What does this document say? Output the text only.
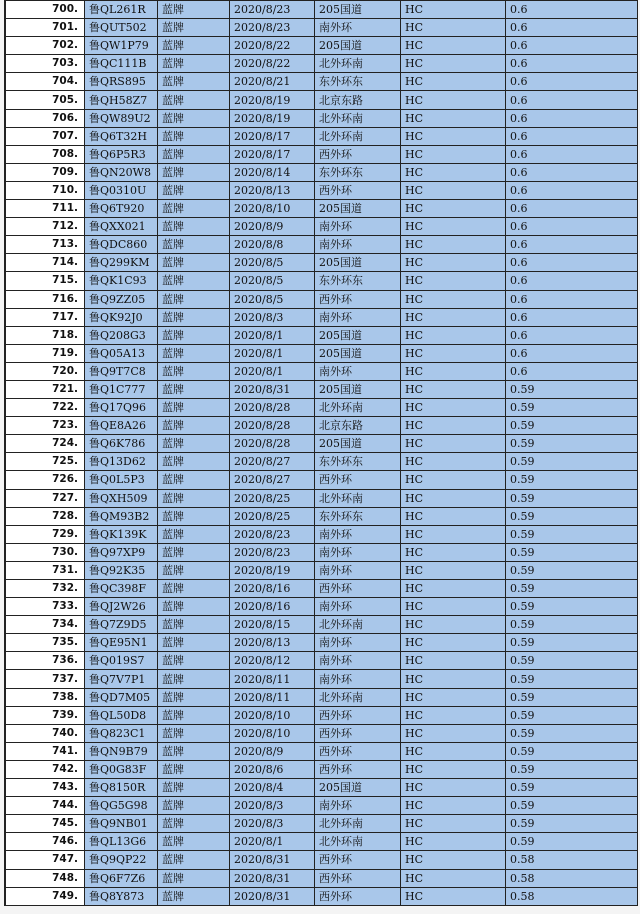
700.	鲁QL261R	蓝牌	2020/8/23	205国道	HC	0.6
701.	鲁QUT502	蓝牌	2020/8/23	南外环	HC	0.6
702.	鲁QW1P79	蓝牌	2020/8/22	205国道	HC	0.6
703.	鲁QC111B	蓝牌	2020/8/22	北外环南	HC	0.6
704.	鲁QRS895	蓝牌	2020/8/21	东外环东	HC	0.6
705.	鲁QH58Z7	蓝牌	2020/8/19	北京东路	HC	0.6
706.	鲁QW89U2	蓝牌	2020/8/19	北外环南	HC	0.6
707.	鲁Q6T32H	蓝牌	2020/8/17	北外环南	HC	0.6
708.	鲁Q6P5R3	蓝牌	2020/8/17	西外环	HC	0.6
709.	鲁QN20W8	蓝牌	2020/8/14	东外环东	HC	0.6
710.	鲁Q0310U	蓝牌	2020/8/13	西外环	HC	0.6
711.	鲁Q6T920	蓝牌	2020/8/10	205国道	HC	0.6
712.	鲁QXX021	蓝牌	2020/8/9	南外环	HC	0.6
713.	鲁QDC860	蓝牌	2020/8/8	南外环	HC	0.6
714.	鲁Q299KM	蓝牌	2020/8/5	205国道	HC	0.6
715.	鲁QK1C93	蓝牌	2020/8/5	东外环东	HC	0.6
716.	鲁Q9ZZ05	蓝牌	2020/8/5	西外环	HC	0.6
717.	鲁QK92J0	蓝牌	2020/8/3	南外环	HC	0.6
718.	鲁Q208G3	蓝牌	2020/8/1	205国道	HC	0.6
719.	鲁Q05A13	蓝牌	2020/8/1	205国道	HC	0.6
720.	鲁Q9T7C8	蓝牌	2020/8/1	南外环	HC	0.6
721.	鲁Q1C777	蓝牌	2020/8/31	205国道	HC	0.59
722.	鲁Q17Q96	蓝牌	2020/8/28	北外环南	HC	0.59
723.	鲁QE8A26	蓝牌	2020/8/28	北京东路	HC	0.59
724.	鲁Q6K786	蓝牌	2020/8/28	205国道	HC	0.59
725.	鲁Q13D62	蓝牌	2020/8/27	东外环东	HC	0.59
726.	鲁Q0L5P3	蓝牌	2020/8/27	西外环	HC	0.59
727.	鲁QXH509	蓝牌	2020/8/25	北外环南	HC	0.59
728.	鲁QM93B2	蓝牌	2020/8/25	东外环东	HC	0.59
729.	鲁QK139K	蓝牌	2020/8/23	南外环	HC	0.59
730.	鲁Q97XP9	蓝牌	2020/8/23	南外环	HC	0.59
731.	鲁Q92K35	蓝牌	2020/8/19	南外环	HC	0.59
732.	鲁QC398F	蓝牌	2020/8/16	西外环	HC	0.59
733.	鲁QJ2W26	蓝牌	2020/8/16	南外环	HC	0.59
734.	鲁Q7Z9D5	蓝牌	2020/8/15	北外环南	HC	0.59
735.	鲁QE95N1	蓝牌	2020/8/13	南外环	HC	0.59
736.	鲁Q019S7	蓝牌	2020/8/12	南外环	HC	0.59
737.	鲁Q7V7P1	蓝牌	2020/8/11	南外环	HC	0.59
738.	鲁QD7M05	蓝牌	2020/8/11	北外环南	HC	0.59
739.	鲁QL50D8	蓝牌	2020/8/10	西外环	HC	0.59
740.	鲁Q823C1	蓝牌	2020/8/10	西外环	HC	0.59
741.	鲁QN9B79	蓝牌	2020/8/9	西外环	HC	0.59
742.	鲁Q0G83F	蓝牌	2020/8/6	西外环	HC	0.59
743.	鲁Q8150R	蓝牌	2020/8/4	205国道	HC	0.59
744.	鲁QG5G98	蓝牌	2020/8/3	南外环	HC	0.59
745.	鲁Q9NB01	蓝牌	2020/8/3	北外环南	HC	0.59
746.	鲁QL13G6	蓝牌	2020/8/1	北外环南	HC	0.59
747.	鲁Q9QP22	蓝牌	2020/8/31	西外环	HC	0.58
748.	鲁Q6F7Z6	蓝牌	2020/8/31	西外环	HC	0.58
749.	鲁Q8Y873	蓝牌	2020/8/31	西外环	HC	0.58
